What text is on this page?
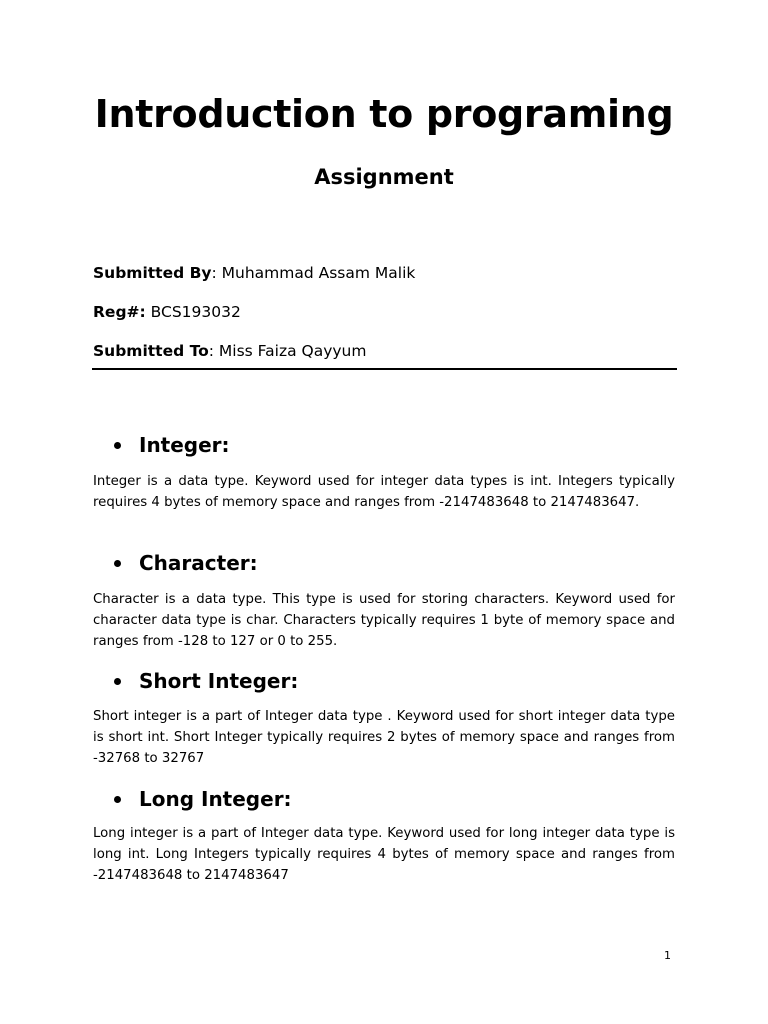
Introduction to programing
Assignment
Submitted By: Muhammad Assam Malik
Reg#: BCS193032
Submitted To: Miss Faiza Qayyum
Integer:

Integer is a data type. Keyword used for integer data types is int. Integers typically requires 4 bytes of memory space and ranges from -2147483648 to 2147483647.

Character:

Character is a data type. This type is used for storing characters. Keyword used for character data type is char. Characters typically requires 1 byte of memory space and ranges from -128 to 127 or 0 to 255.

Short Integer:

Short integer is a part of Integer data type . Keyword used for short integer data type is short int. Short Integer typically requires 2 bytes of memory space and ranges from -32768 to 32767

Long Integer:

Long integer is a part of Integer data type. Keyword used for long integer data type is long int. Long Integers typically requires 4 bytes of memory space and ranges from -2147483648 to 2147483647

1
